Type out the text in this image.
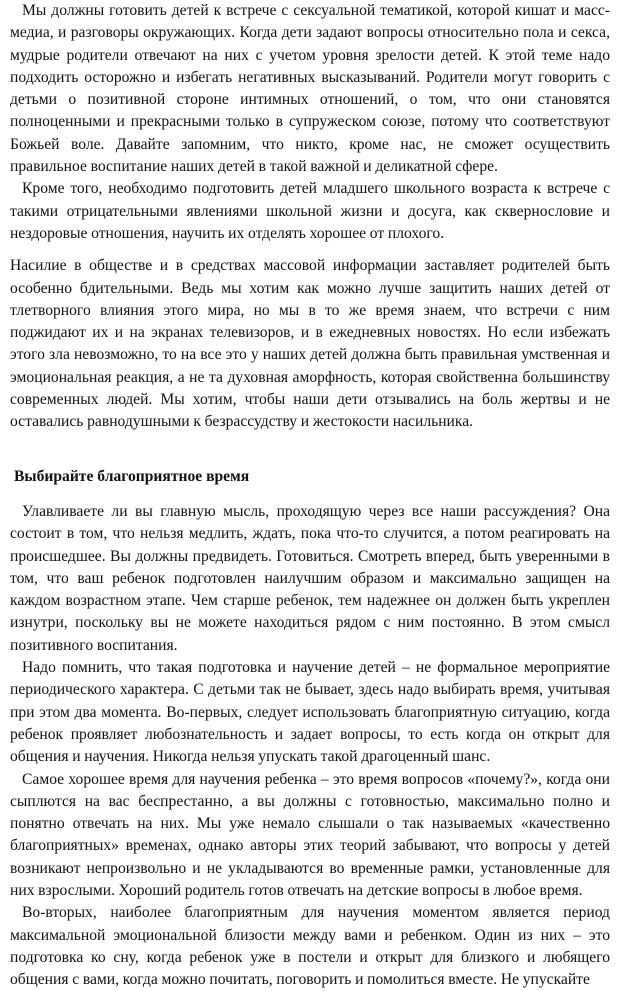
Мы должны готовить детей к встрече с сексуальной тематикой, которой кишат и масс-медиа, и разговоры окружающих. Когда дети задают вопросы относительно пола и секса, мудрые родители отвечают на них с учетом уровня зрелости детей. К этой теме надо подходить осторожно и избегать негативных высказываний. Родители могут говорить с детьми о позитивной стороне интимных отношений, о том, что они становятся полноценными и прекрасными только в супружеском союзе, потому что соответствуют Божьей воле. Давайте запомним, что никто, кроме нас, не сможет осуществить правильное воспитание наших детей в такой важной и деликатной сфере.

Кроме того, необходимо подготовить детей младшего школьного возраста к встрече с такими отрицательными явлениями школьной жизни и досуга, как сквернословие и нездоровые отношения, научить их отделять хорошее от плохого.

Насилие в обществе и в средствах массовой информации заставляет родителей быть особенно бдительными. Ведь мы хотим как можно лучше защитить наших детей от тлетворного влияния этого мира, но мы в то же время знаем, что встречи с ним поджидают их и на экранах телевизоров, и в ежедневных новостях. Но если избежать этого зла невозможно, то на все это у наших детей должна быть правильная умственная и эмоциональная реакция, а не та духовная аморфность, которая свойственна большинству современных людей. Мы хотим, чтобы наши дети отзывались на боль жертвы и не оставались равнодушными к безрассудству и жестокости насильника.

Выбирайте благоприятное время

Улавливаете ли вы главную мысль, проходящую через все наши рассуждения? Она состоит в том, что нельзя медлить, ждать, пока что-то случится, а потом реагировать на происшедшее. Вы должны предвидеть. Готовиться. Смотреть вперед, быть уверенными в том, что ваш ребенок подготовлен наилучшим образом и максимально защищен на каждом возрастном этапе. Чем старше ребенок, тем надежнее он должен быть укреплен изнутри, поскольку вы не можете находиться рядом с ним постоянно. В этом смысл позитивного воспитания.

Надо помнить, что такая подготовка и научение детей – не формальное мероприятие периодического характера. С детьми так не бывает, здесь надо выбирать время, учитывая при этом два момента. Во-первых, следует использовать благоприятную ситуацию, когда ребенок проявляет любознательность и задает вопросы, то есть когда он открыт для общения и научения. Никогда нельзя упускать такой драгоценный шанс.

Самое хорошее время для научения ребенка – это время вопросов «почему?», когда они сыплются на вас беспрестанно, а вы должны с готовностью, максимально полно и понятно отвечать на них. Мы уже немало слышали о так называемых «качественно благоприятных» временах, однако авторы этих теорий забывают, что вопросы у детей возникают непроизвольно и не укладываются во временные рамки, установленные для них взрослыми. Хороший родитель готов отвечать на детские вопросы в любое время.

Во-вторых, наиболее благоприятным для научения моментом является период максимальной эмоциональной близости между вами и ребенком. Один из них – это подготовка ко сну, когда ребенок уже в постели и открыт для близкого и любящего общения с вами, когда можно почитать, поговорить и помолиться вместе. Не упускайте
